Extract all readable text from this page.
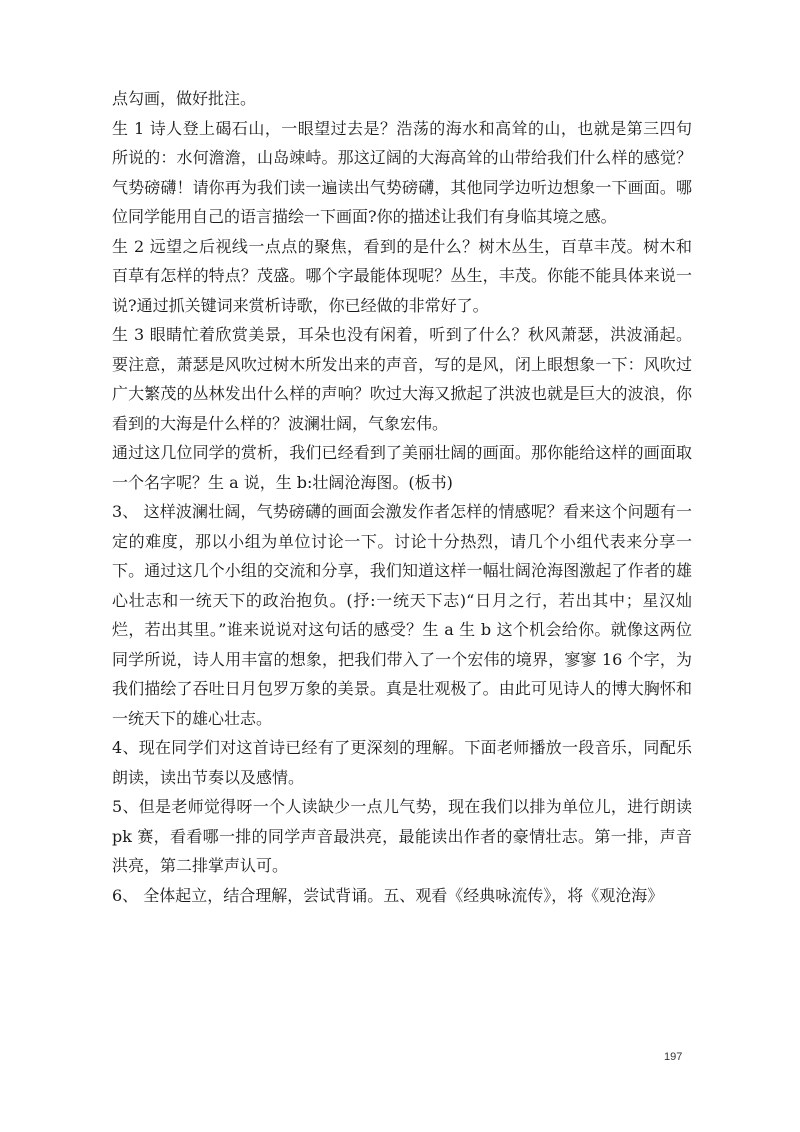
点勾画，做好批注。

生 1 诗人登上碣石山，一眼望过去是？浩荡的海水和高耸的山，也就是第三四句所说的：水何澹澹，山岛竦峙。那这辽阔的大海高耸的山带给我们什么样的感觉？气势磅礴！请你再为我们读一遍读出气势磅礴，其他同学边听边想象一下画面。哪位同学能用自己的语言描绘一下画面?你的描述让我们有身临其境之感。

生 2 远望之后视线一点点的聚焦，看到的是什么？树木丛生，百草丰茂。树木和百草有怎样的特点？茂盛。哪个字最能体现呢？丛生，丰茂。你能不能具体来说一说?通过抓关键词来赏析诗歌，你已经做的非常好了。

生 3 眼睛忙着欣赏美景，耳朵也没有闲着，听到了什么？秋风萧瑟，洪波涌起。要注意，萧瑟是风吹过树木所发出来的声音，写的是风，闭上眼想象一下：风吹过广大繁茂的丛林发出什么样的声响？吹过大海又掀起了洪波也就是巨大的波浪，你看到的大海是什么样的？波澜壮阔，气象宏伟。

通过这几位同学的赏析，我们已经看到了美丽壮阔的画面。那你能给这样的画面取一个名字呢？生 a 说，生 b:壮阔沧海图。(板书)

3、 这样波澜壮阔，气势磅礴的画面会激发作者怎样的情感呢？看来这个问题有一定的难度，那以小组为单位讨论一下。讨论十分热烈，请几个小组代表来分享一下。通过这几个小组的交流和分享，我们知道这样一幅壮阔沧海图激起了作者的雄心壮志和一统天下的政治抱负。(抒:一统天下志)“日月之行，若出其中；星汉灿烂，若出其里。”谁来说说对这句话的感受？生 a 生 b 这个机会给你。就像这两位同学所说，诗人用丰富的想象，把我们带入了一个宏伟的境界，寥寥 16 个字，为我们描绘了吞吐日月包罗万象的美景。真是壮观极了。由此可见诗人的博大胸怀和一统天下的雄心壮志。

4、现在同学们对这首诗已经有了更深刻的理解。下面老师播放一段音乐，同配乐朗读，读出节奏以及感情。

5、但是老师觉得呀一个人读缺少一点儿气势，现在我们以排为单位儿，进行朗读 pk 赛，看看哪一排的同学声音最洪亮，最能读出作者的豪情壮志。第一排，声音洪亮，第二排掌声认可。

6、 全体起立，结合理解，尝试背诵。五、观看《经典咏流传》，将《观沧海》

197
